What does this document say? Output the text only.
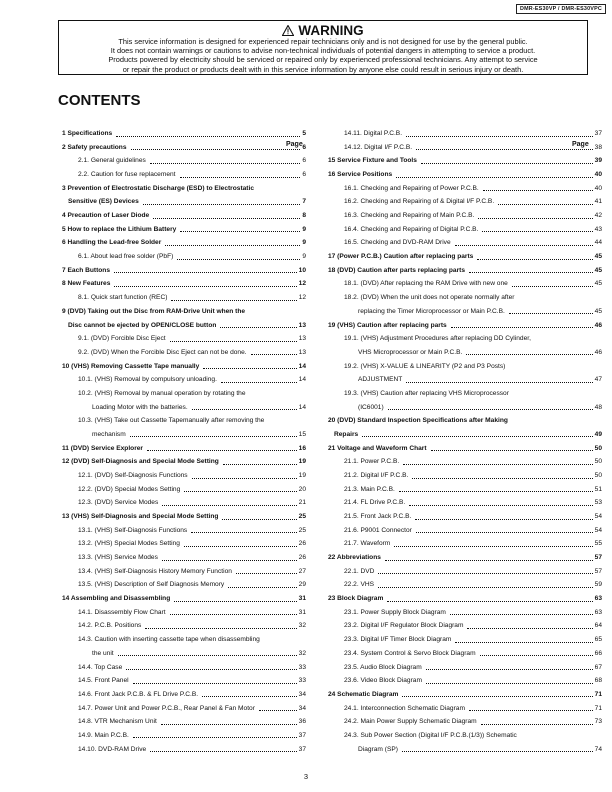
DMR-ES30VP / DMR-ES30VPC
WARNING
This service information is designed for experienced repair technicians only and is not designed for use by the general public.
It does not contain warnings or cautions to advise non-technical individuals of potential dangers in attempting to service a product.
Products powered by electricity should be serviced or repaired only by experienced professional technicians. Any attempt to service
or repair the product or products dealt with in this service information by anyone else could result in serious injury or death.
CONTENTS
Page	Page
1 Specifications	5
2 Safety precautions	6
2.1. General guidelines	6
2.2. Caution for fuse replacement	6
3 Prevention of Electrostatic Discharge (ESD) to Electrostatic
Sensitive (ES) Devices	7
4 Precaution of Laser Diode	8
5 How to replace the Lithium Battery	9
6 Handling the Lead-free Solder	9
6.1. About lead free solder (PbF)	9
7 Each Buttons	10
8 New Features	12
8.1. Quick start function (REC)	12
9 (DVD) Taking out the Disc from RAM-Drive Unit when the
Disc cannot be ejected by OPEN/CLOSE button	13
9.1. (DVD) Forcible Disc Eject	13
9.2. (DVD) When the Forcible Disc Eject can not be done.	13
10 (VHS) Removing Cassette Tape manually	14
10.1. (VHS) Removal by compulsory unloading.	14
10.2. (VHS) Removal by manual operation by rotating the
Loading Motor with the batteries.	14
10.3. (VHS) Take out Cassette Tapemanually after removing the
mechanism	15
11 (DVD) Service Explorer	16
12 (DVD) Self-Diagnosis and Special Mode Setting	19
12.1. (DVD) Self-Diagnosis Functions	19
12.2. (DVD) Special Modes Setting	20
12.3. (DVD) Service Modes	21
13 (VHS) Self-Diagnosis and Special Mode Setting	25
13.1. (VHS) Self-Diagnosis Functions	25
13.2. (VHS) Special Modes Setting	26
13.3. (VHS) Service Modes	26
13.4. (VHS) Self-Diagnosis History Memory Function	27
13.5. (VHS) Description of Self Diagnosis Memory	29
14 Assembling and Disassembling	31
14.1. Disassembly Flow Chart	31
14.2. P.C.B. Positions	32
14.3. Caution with inserting cassette tape when disassembling
the unit	32
14.4. Top Case	33
14.5. Front Panel	33
14.6. Front Jack P.C.B. & FL Drive P.C.B.	34
14.7. Power Unit and Power P.C.B., Rear Panel & Fan Motor	34
14.8. VTR Mechanism Unit	36
14.9. Main P.C.B.	37
14.10. DVD-RAM Drive	37
14.11. Digital P.C.B.	37
14.12. Digital I/F P.C.B.	38
15 Service Fixture and Tools	39
16 Service Positions	40
16.1. Checking and Repairing of Power P.C.B.	40
16.2. Checking and Repairing of & Digital I/F P.C.B.	41
16.3. Checking and Repairing of Main P.C.B.	42
16.4. Checking and Repairing of Digital P.C.B.	43
16.5. Checking and DVD-RAM Drive	44
17 (Power P.C.B.) Caution after replacing parts	45
18 (DVD) Caution after parts replacing parts	45
18.1. (DVD) After replacing the RAM Drive with new one	45
18.2. (DVD) When the unit does not operate normally after
replacing the Timer Microprocessor or Main P.C.B.	45
19 (VHS) Caution after replacing parts	46
19.1. (VHS) Adjustment Procedures after replacing DD Cylinder,
VHS Microprocessor or Main P.C.B.	46
19.2. (VHS) X-VALUE & LINEARITY (P2 and P3 Posts)
ADJUSTMENT	47
19.3. (VHS) Caution after replacing VHS Microprocessor
(IC6001)	48
20 (DVD) Standard Inspection Specifications after Making
Repairs	49
21 Voltage and Waveform Chart	50
21.1. Power P.C.B.	50
21.2. Digital I/F P.C.B.	50
21.3. Main P.C.B.	51
21.4. FL Drive P.C.B.	53
21.5. Front Jack P.C.B.	54
21.6. P9001 Connector	54
21.7. Waveform	55
22 Abbreviations	57
22.1. DVD	57
22.2. VHS	59
23 Block Diagram	63
23.1. Power Supply Block Diagram	63
23.2. Digital I/F Regulator Block Diagram	64
23.3. Digital I/F Timer Block Diagram	65
23.4. System Control & Servo Block Diagram	66
23.5. Audio Block Diagram	67
23.6. Video Block Diagram	68
24 Schematic Diagram	71
24.1. Interconnection Schematic Diagram	71
24.2. Main Power Supply Schematic Diagram	73
24.3. Sub Power Section (Digital I/F P.C.B.(1/3)) Schematic
Diagram (SP)	74
3
